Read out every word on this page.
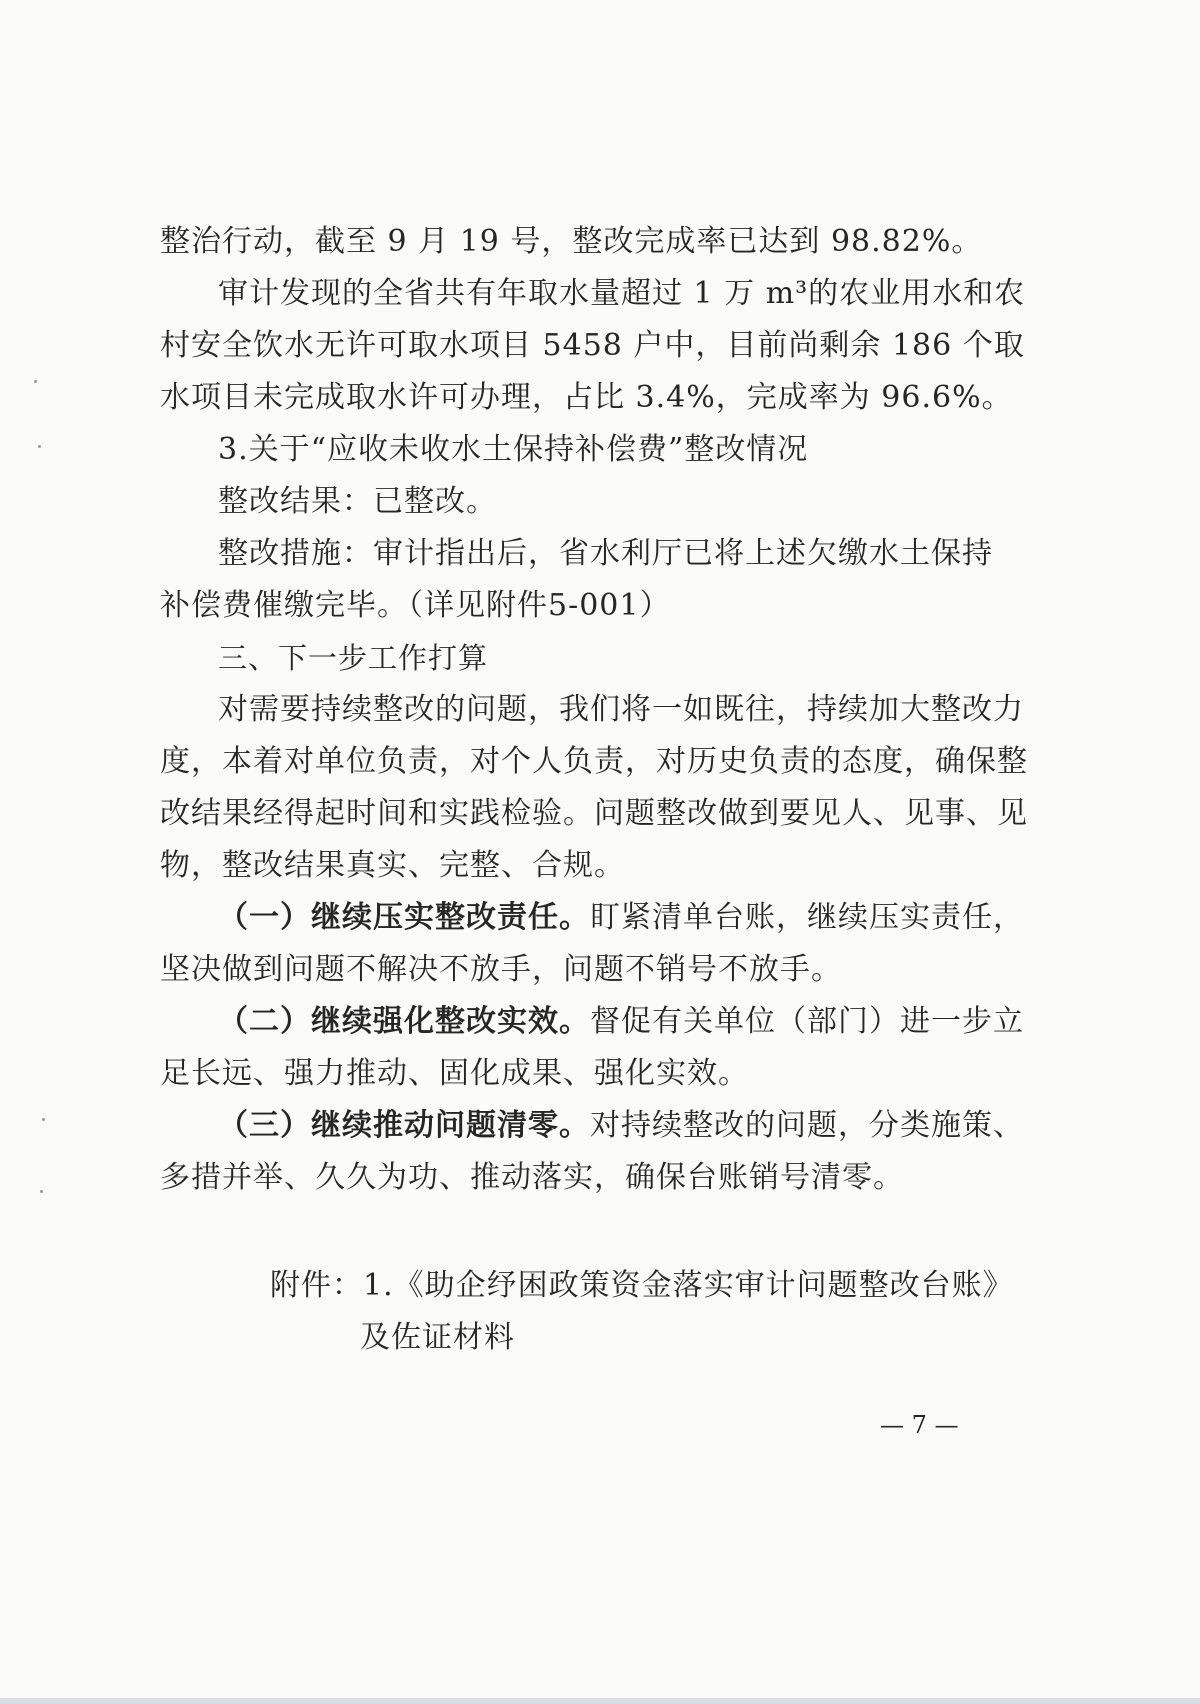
整治行动，截至 9 月 19 号，整改完成率已达到 98.82%。
审计发现的全省共有年取水量超过 1 万 m³的农业用水和农
村安全饮水无许可取水项目 5458 户中，目前尚剩余 186 个取
水项目未完成取水许可办理，占比 3.4%，完成率为 96.6%。
3.关于“应收未收水土保持补偿费”整改情况
整改结果：已整改。
整改措施：审计指出后，省水利厅已将上述欠缴水土保持
补偿费催缴完毕。（详见附件5-001）
三、下一步工作打算
对需要持续整改的问题，我们将一如既往，持续加大整改力
度，本着对单位负责，对个人负责，对历史负责的态度，确保整
改结果经得起时间和实践检验。问题整改做到要见人、见事、见
物，整改结果真实、完整、合规。
（一）继续压实整改责任。盯紧清单台账，继续压实责任，
坚决做到问题不解决不放手，问题不销号不放手。
（二）继续强化整改实效。督促有关单位（部门）进一步立
足长远、强力推动、固化成果、强化实效。
（三）继续推动问题清零。对持续整改的问题，分类施策、
多措并举、久久为功、推动落实，确保台账销号清零。
附件：1.《助企纾困政策资金落实审计问题整改台账》
及佐证材料
— 7 —
